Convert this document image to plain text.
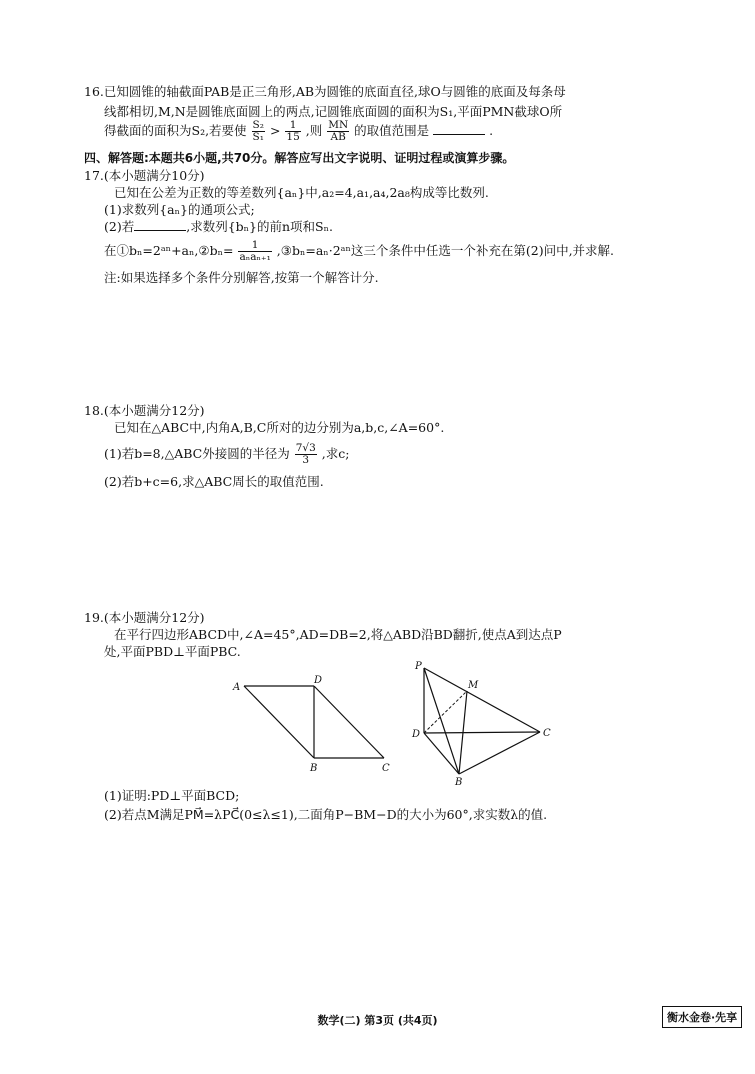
16.已知圆锥的轴截面PAB是正三角形,AB为圆锥的底面直径,球O与圆锥的底面及每条母
线都相切,M,N是圆锥底面圆上的两点,记圆锥底面圆的面积为S₁,平面PMN截球O所
得截面的面积为S₂,若要使 $\frac{\text{S₂}}{\text{S₁}} > \frac{1}{15}$ ,则 $\frac{MN}{AB}$ 的取值范围是	.
四、解答题:本题共6小题,共70分。解答应写出文字说明、证明过程或演算步骤。
17.(本小题满分10分)
已知在公差为正数的等差数列{aₙ}中,a₂=4,a₁,a₄,2a₈构成等比数列.
(1)求数列{aₙ}的通项公式;
(2)若	,求数列{bₙ}的前n项和Sₙ.
在①bₙ=2ᵃⁿ+aₙ,②bₙ= $\frac{1}{\text{aₙaₙ₊₁}}$ ,③bₙ=aₙ·2ᵃⁿ这三个条件中任选一个补充在第(2)问中,并求解.
注:如果选择多个条件分别解答,按第一个解答计分.
18.(本小题满分12分)
已知在△ABC中,内角A,B,C所对的边分别为a,b,c,∠A=60°.
(1)若b=8,△ABC外接圆的半径为 $\frac{7√3}{3}$ ,求c;
(2)若b+c=6,求△ABC周长的取值范围.
19.(本小题满分12分)
在平行四边形ABCD中,∠A=45°,AD=DB=2,将△ABD沿BD翻折,使点A到达点P
处,平面PBD⊥平面PBC.
A
D
B	C
P
M
D	C
B
(1)证明:PD⊥平面BCD;
(2)若点M满足PM⃗=λPC⃗(0≤λ≤1),二面角P−BM−D的大小为60°,求实数λ的值.
数学(二) 第3页 (共4页)	衡水金卷·先享
